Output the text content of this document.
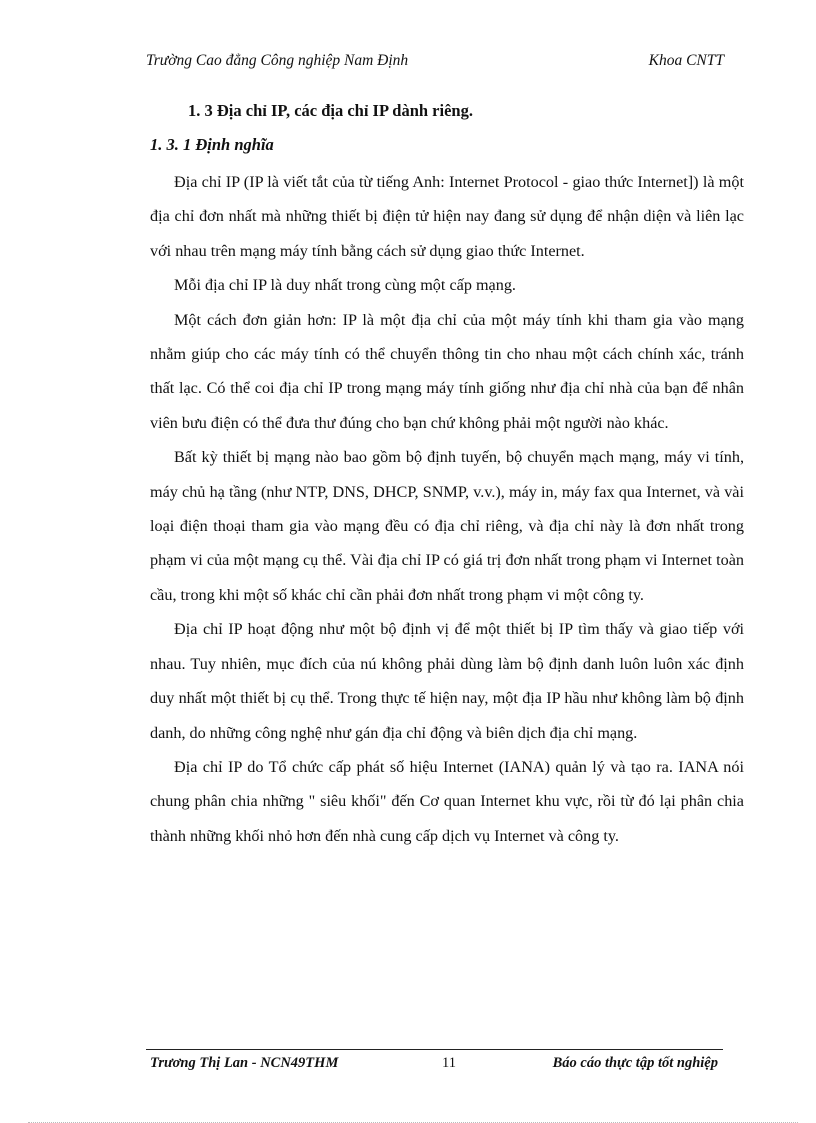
Trường Cao đẳng Công nghiệp Nam Định	Khoa CNTT
1. 3 Địa chỉ IP, các địa chỉ IP dành riêng.
1. 3. 1 Định nghĩa

Địa chỉ IP (IP là viết tắt của từ tiếng Anh: Internet Protocol - giao thức Internet]) là một địa chỉ đơn nhất mà những thiết bị điện tử hiện nay đang sử dụng để nhận diện và liên lạc với nhau trên mạng máy tính bằng cách sử dụng giao thức Internet.

Mỗi địa chỉ IP là duy nhất trong cùng một cấp mạng.

Một cách đơn giản hơn: IP là một địa chỉ của một máy tính khi tham gia vào mạng nhằm giúp cho các máy tính có thể chuyển thông tin cho nhau một cách chính xác, tránh thất lạc. Có thể coi địa chỉ IP trong mạng máy tính giống như địa chỉ nhà của bạn để nhân viên bưu điện có thể đưa thư đúng cho bạn chứ không phải một người nào khác.

Bất kỳ thiết bị mạng nào bao gồm bộ định tuyến, bộ chuyển mạch mạng, máy vi tính, máy chủ hạ tầng (như NTP, DNS, DHCP, SNMP, v.v.), máy in, máy fax qua Internet, và vài loại điện thoại tham gia vào mạng đều có địa chỉ riêng, và địa chỉ này là đơn nhất trong phạm vi của một mạng cụ thể. Vài địa chỉ IP có giá trị đơn nhất trong phạm vi Internet toàn cầu, trong khi một số khác chỉ cần phải đơn nhất trong phạm vi một công ty.

Địa chỉ IP hoạt động như một bộ định vị để một thiết bị IP tìm thấy và giao tiếp với nhau. Tuy nhiên, mục đích của nú không phải dùng làm bộ định danh luôn luôn xác định duy nhất một thiết bị cụ thể. Trong thực tế hiện nay, một địa IP hầu như không làm bộ định danh, do những công nghệ như gán địa chỉ động và biên dịch địa chỉ mạng.

Địa chỉ IP do Tổ chức cấp phát số hiệu Internet (IANA) quản lý và tạo ra. IANA nói chung phân chia những " siêu khối" đến Cơ quan Internet khu vực, rồi từ đó lại phân chia thành những khối nhỏ hơn đến nhà cung cấp dịch vụ Internet và công ty.

Trương Thị Lan - NCN49THM	11	Báo cáo thực tập tốt nghiệp
